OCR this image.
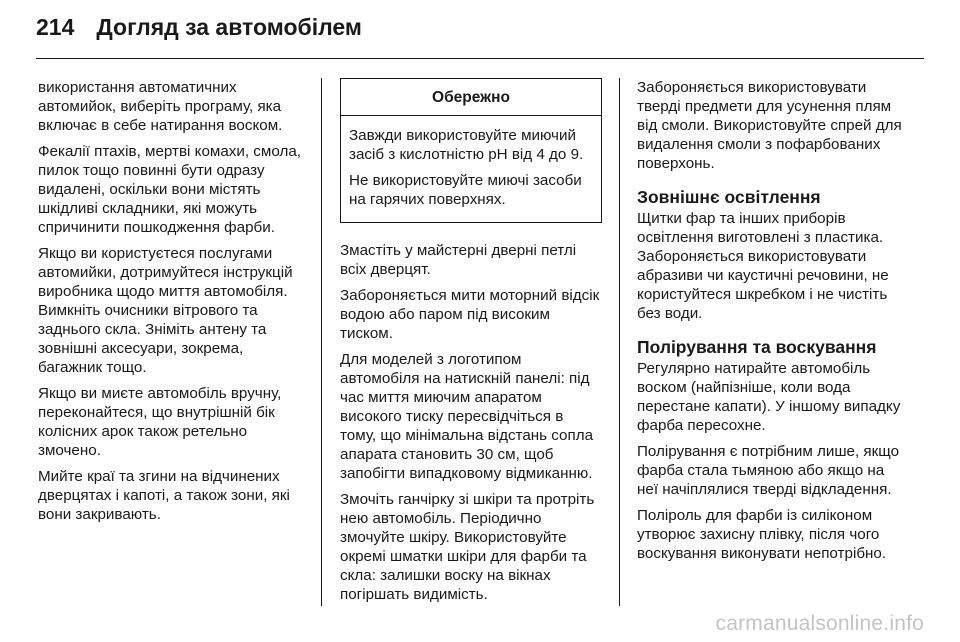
214 Догляд за автомобілем

використання автоматичних автомийок, виберіть програму, яка включає в себе натирання воском.

Фекалії птахів, мертві комахи, смола, пилок тощо повинні бути одразу видалені, оскільки вони містять шкідливі складники, які можуть спричинити пошкодження фарби.

Якщо ви користуєтеся послугами автомийки, дотримуйтеся інструкцій виробника щодо миття автомобіля. Вимкніть очисники вітрового та заднього скла. Зніміть антену та зовнішні аксесуари, зокрема, багажник тощо.

Якщо ви миєте автомобіль вручну, переконайтеся, що внутрішній бік колісних арок також ретельно змочено.

Мийте краї та згини на відчинених дверцятах і капоті, а також зони, які вони закривають.

Обережно

Завжди використовуйте миючий засіб з кислотністю pH від 4 до 9.

Не використовуйте миючі засоби на гарячих поверхнях.

Змастіть у майстерні дверні петлі всіх дверцят.

Забороняється мити моторний відсік водою або паром під високим тиском.

Для моделей з логотипом автомобіля на натискній панелі: під час миття миючим апаратом високого тиску пересвідчіться в тому, що мінімальна відстань сопла апарата становить 30 см, щоб запобігти випадковому відмиканню.

Змочіть ганчірку зі шкіри та протріть нею автомобіль. Періодично змочуйте шкіру. Використовуйте окремі шматки шкіри для фарби та скла: залишки воску на вікнах погіршать видимість.

Забороняється використовувати тверді предмети для усунення плям від смоли. Використовуйте спрей для видалення смоли з пофарбованих поверхонь.

Зовнішнє освітлення

Щитки фар та інших приборів освітлення виготовлені з пластика. Забороняється використовувати абразиви чи каустичні речовини, не користуйтеся шкребком і не чистіть без води.

Полірування та воскування

Регулярно натирайте автомобіль воском (найпізніше, коли вода перестане капати). У іншому випадку фарба пересохне.

Полірування є потрібним лише, якщо фарба стала тьмяною або якщо на неї начіплялися тверді відкладення.

Поліроль для фарби із силіконом утворює захисну плівку, після чого воскування виконувати непотрібно.

carmanualsonline.info
